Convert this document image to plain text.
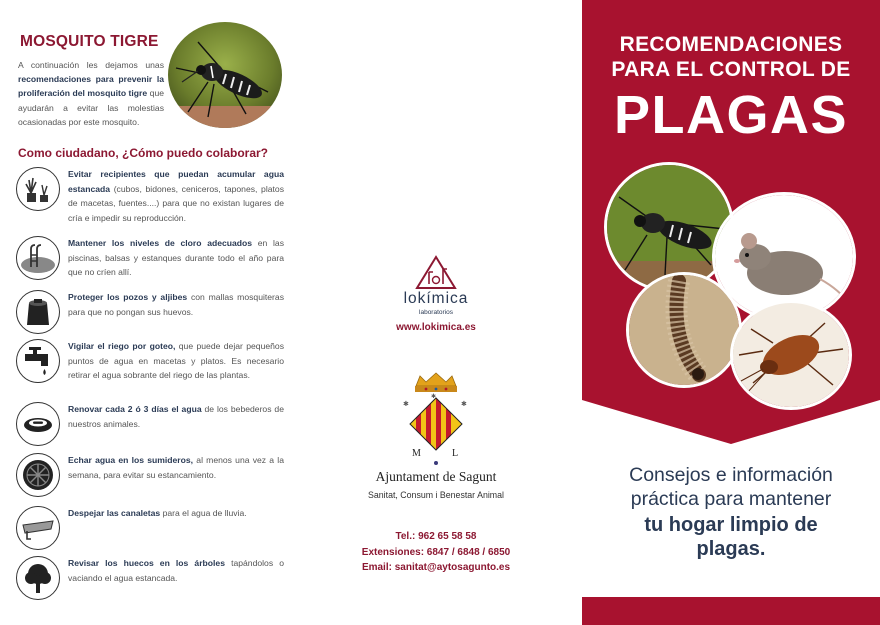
MOSQUITO TIGRE
A continuación les dejamos unas recomendaciones para prevenir la proliferación del mosquito tigre que ayudarán a evitar las molestias ocasionadas por este mosquito.
Como ciudadano, ¿Cómo puedo colaborar?
Evitar recipientes que puedan acumular agua estancada (cubos, bidones, ceniceros, tapones, platos de macetas, fuentes....) para que no existan lugares de cría e impedir su reproducción.
Mantener los niveles de cloro adecuados en las piscinas, balsas y estanques durante todo el año para que no críen allí.
Proteger los pozos y aljibes con mallas mosquiteras para que no pongan sus huevos.
Vigilar el riego por goteo, que puede dejar pequeños puntos de agua en macetas y platos. Es necesario retirar el agua sobrante del riego de las plantas.
Renovar cada 2 ó 3 días el agua de los bebederos de nuestros animales.
Echar agua en los sumideros, al menos una vez a la semana, para evitar su estancamiento.
Despejar las canaletas para el agua de lluvia.
Revisar los huecos en los árboles tapándolos o vaciando el agua estancada.
lokímica
laboratorios
www.lokimica.es
✱	✱
✱
M	L
Ajuntament de Sagunt
Sanitat, Consum i Benestar Animal
Tel.: 962 65 58 58
Extensiones: 6847 / 6848 / 6850
Email: sanitat@aytosagunto.es
RECOMENDACIONES
PARA EL CONTROL DE
PLAGAS
Consejos e información
práctica para mantener
tu hogar limpio de
plagas.
